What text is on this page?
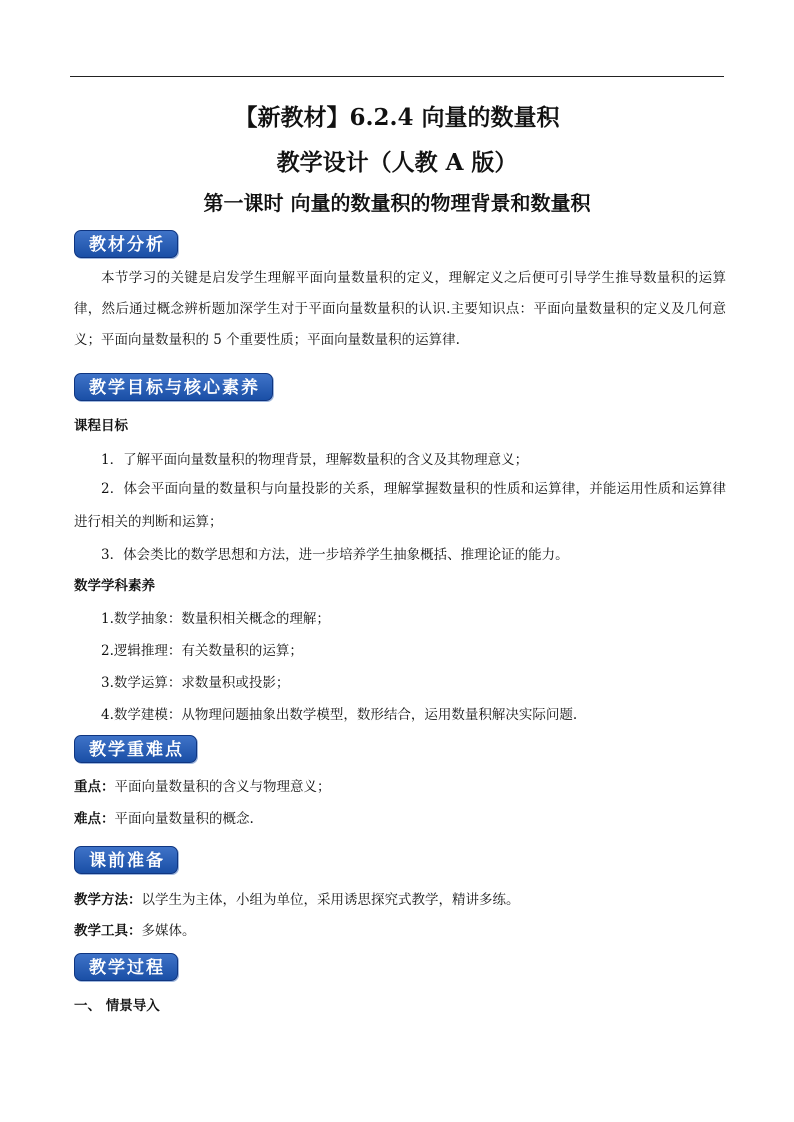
【新教材】6.2.4 向量的数量积
教学设计（人教 A 版）
第一课时 向量的数量积的物理背景和数量积
教材分析

本节学习的关键是启发学生理解平面向量数量积的定义，理解定义之后便可引导学生推导数量积的运算律，然后通过概念辨析题加深学生对于平面向量数量积的认识.主要知识点：平面向量数量积的定义及几何意义；平面向量数量积的 5 个重要性质；平面向量数量积的运算律.

教学目标与核心素养
课程目标

1．了解平面向量数量积的物理背景，理解数量积的含义及其物理意义；

2．体会平面向量的数量积与向量投影的关系，理解掌握数量积的性质和运算律，并能运用性质和运算律进行相关的判断和运算；

3．体会类比的数学思想和方法，进一步培养学生抽象概括、推理论证的能力。

数学学科素养

1.数学抽象：数量积相关概念的理解；

2.逻辑推理：有关数量积的运算；

3.数学运算：求数量积或投影；

4.数学建模：从物理问题抽象出数学模型，数形结合，运用数量积解决实际问题.

教学重难点

重点：平面向量数量积的含义与物理意义；

难点：平面向量数量积的概念.

课前准备

教学方法：以学生为主体，小组为单位，采用诱思探究式教学，精讲多练。

教学工具：多媒体。

教学过程
一、 情景导入
